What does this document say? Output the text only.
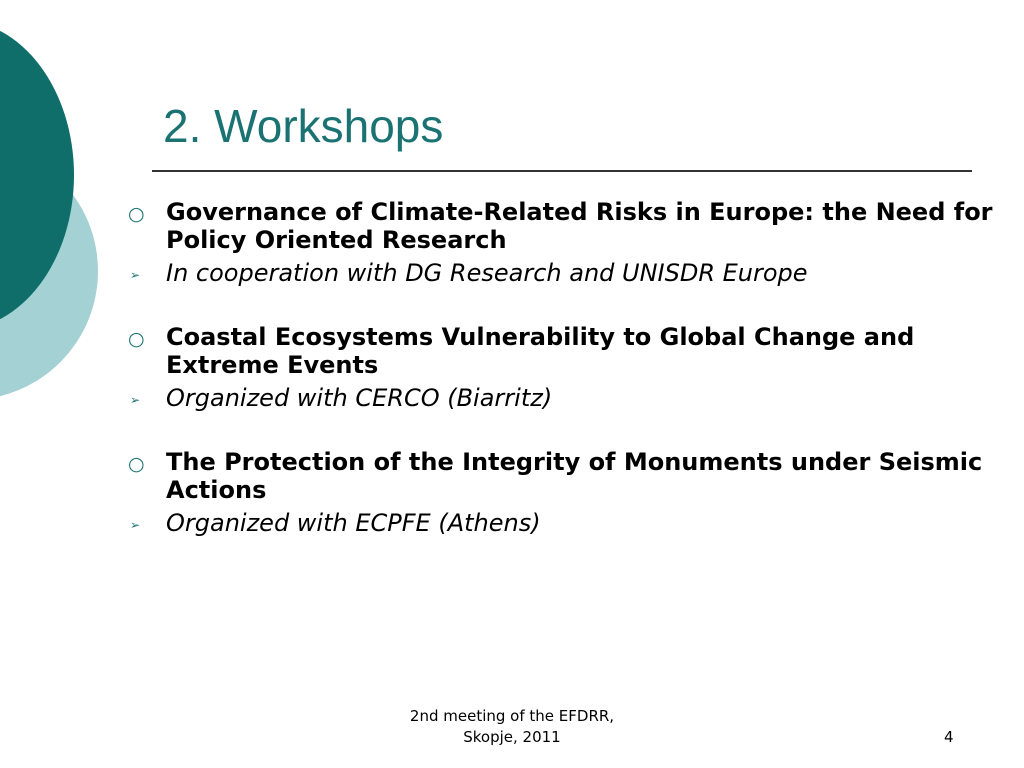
2. Workshops
○ Governance of Climate-Related Risks in Europe: the Need for Policy Oriented Research
➢ In cooperation with DG Research and UNISDR Europe
○ Coastal Ecosystems Vulnerability to Global Change and Extreme Events
➢ Organized with CERCO (Biarritz)
○ The Protection of the Integrity of Monuments under Seismic Actions
➢ Organized with ECPFE (Athens)
2nd meeting of the EFDRR,
Skopje, 2011	4
